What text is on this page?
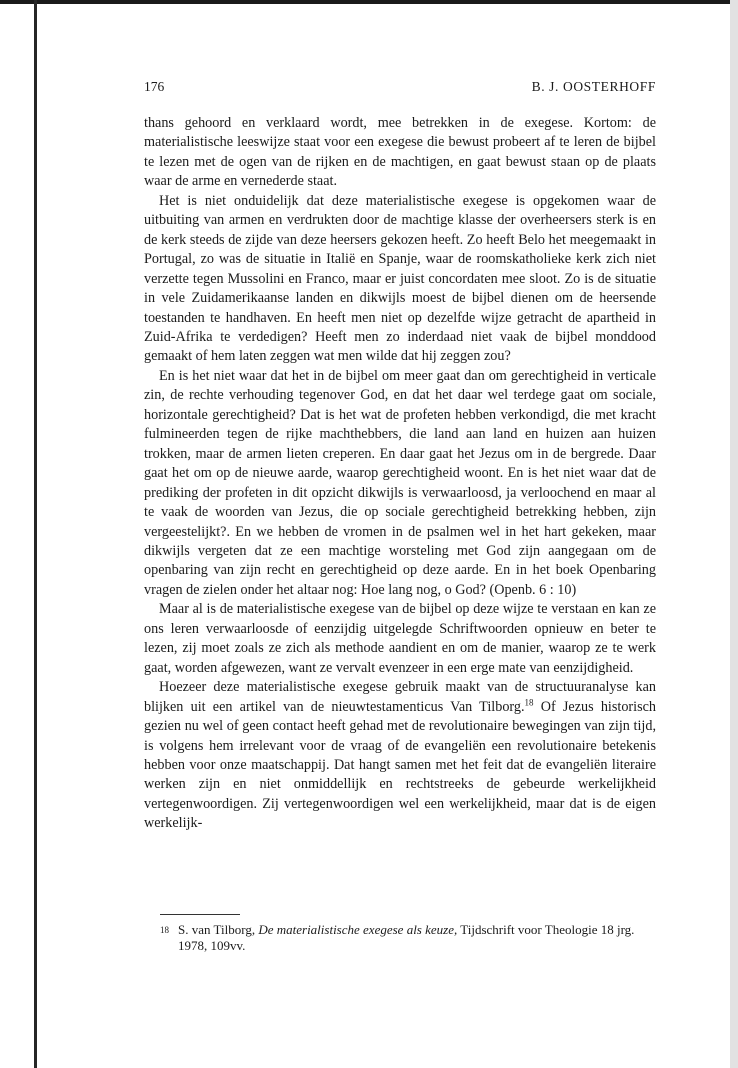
176	B. J. OOSTERHOFF

thans gehoord en verklaard wordt, mee betrekken in de exegese. Kortom: de materialistische leeswijze staat voor een exegese die bewust probeert af te leren de bijbel te lezen met de ogen van de rijken en de machtigen, en gaat bewust staan op de plaats waar de arme en vernederde staat.

Het is niet onduidelijk dat deze materialistische exegese is opgekomen waar de uitbuiting van armen en verdrukten door de machtige klasse der overheersers sterk is en de kerk steeds de zijde van deze heersers gekozen heeft. Zo heeft Belo het meegemaakt in Portugal, zo was de situatie in Italië en Spanje, waar de roomskatholieke kerk zich niet verzette tegen Mussolini en Franco, maar er juist concordaten mee sloot. Zo is de situatie in vele Zuidamerikaanse landen en dikwijls moest de bijbel dienen om de heersende toestanden te handhaven. En heeft men niet op dezelfde wijze getracht de apartheid in Zuid-Afrika te verdedigen? Heeft men zo inderdaad niet vaak de bijbel monddood gemaakt of hem laten zeggen wat men wilde dat hij zeggen zou?

En is het niet waar dat het in de bijbel om meer gaat dan om gerechtigheid in verticale zin, de rechte verhouding tegenover God, en dat het daar wel terdege gaat om sociale, horizontale gerechtigheid? Dat is het wat de profeten hebben verkondigd, die met kracht fulmineerden tegen de rijke machthebbers, die land aan land en huizen aan huizen trokken, maar de armen lieten creperen. En daar gaat het Jezus om in de bergrede. Daar gaat het om op de nieuwe aarde, waarop gerechtigheid woont. En is het niet waar dat de prediking der profeten in dit opzicht dikwijls is verwaarloosd, ja verloochend en maar al te vaak de woorden van Jezus, die op sociale gerechtigheid betrekking hebben, zijn vergeestelijkt?. En we hebben de vromen in de psalmen wel in het hart gekeken, maar dikwijls vergeten dat ze een machtige worsteling met God zijn aangegaan om de openbaring van zijn recht en gerechtigheid op deze aarde. En in het boek Openbaring vragen de zielen onder het altaar nog: Hoe lang nog, o God? (Openb. 6 : 10)

Maar al is de materialistische exegese van de bijbel op deze wijze te verstaan en kan ze ons leren verwaarloosde of eenzijdig uitgelegde Schriftwoorden opnieuw en beter te lezen, zij moet zoals ze zich als methode aandient en om de manier, waarop ze te werk gaat, worden afgewezen, want ze vervalt evenzeer in een erge mate van eenzijdigheid.

Hoezeer deze materialistische exegese gebruik maakt van de structuuranalyse kan blijken uit een artikel van de nieuwtestamenticus Van Tilborg.$^{18}$ Of Jezus historisch gezien nu wel of geen contact heeft gehad met de revolutionaire bewegingen van zijn tijd, is volgens hem irrelevant voor de vraag of de evangeliën een revolutionaire betekenis hebben voor onze maatschappij. Dat hangt samen met het feit dat de evangeliën literaire werken zijn en niet onmiddellijk en rechtstreeks de gebeurde werkelijkheid vertegenwoordigen. Zij vertegenwoordigen wel een werkelijkheid, maar dat is de eigen werkelijk-

18 S. van Tilborg, De materialistische exegese als keuze, Tijdschrift voor Theologie 18 jrg. 1978, 109vv.
